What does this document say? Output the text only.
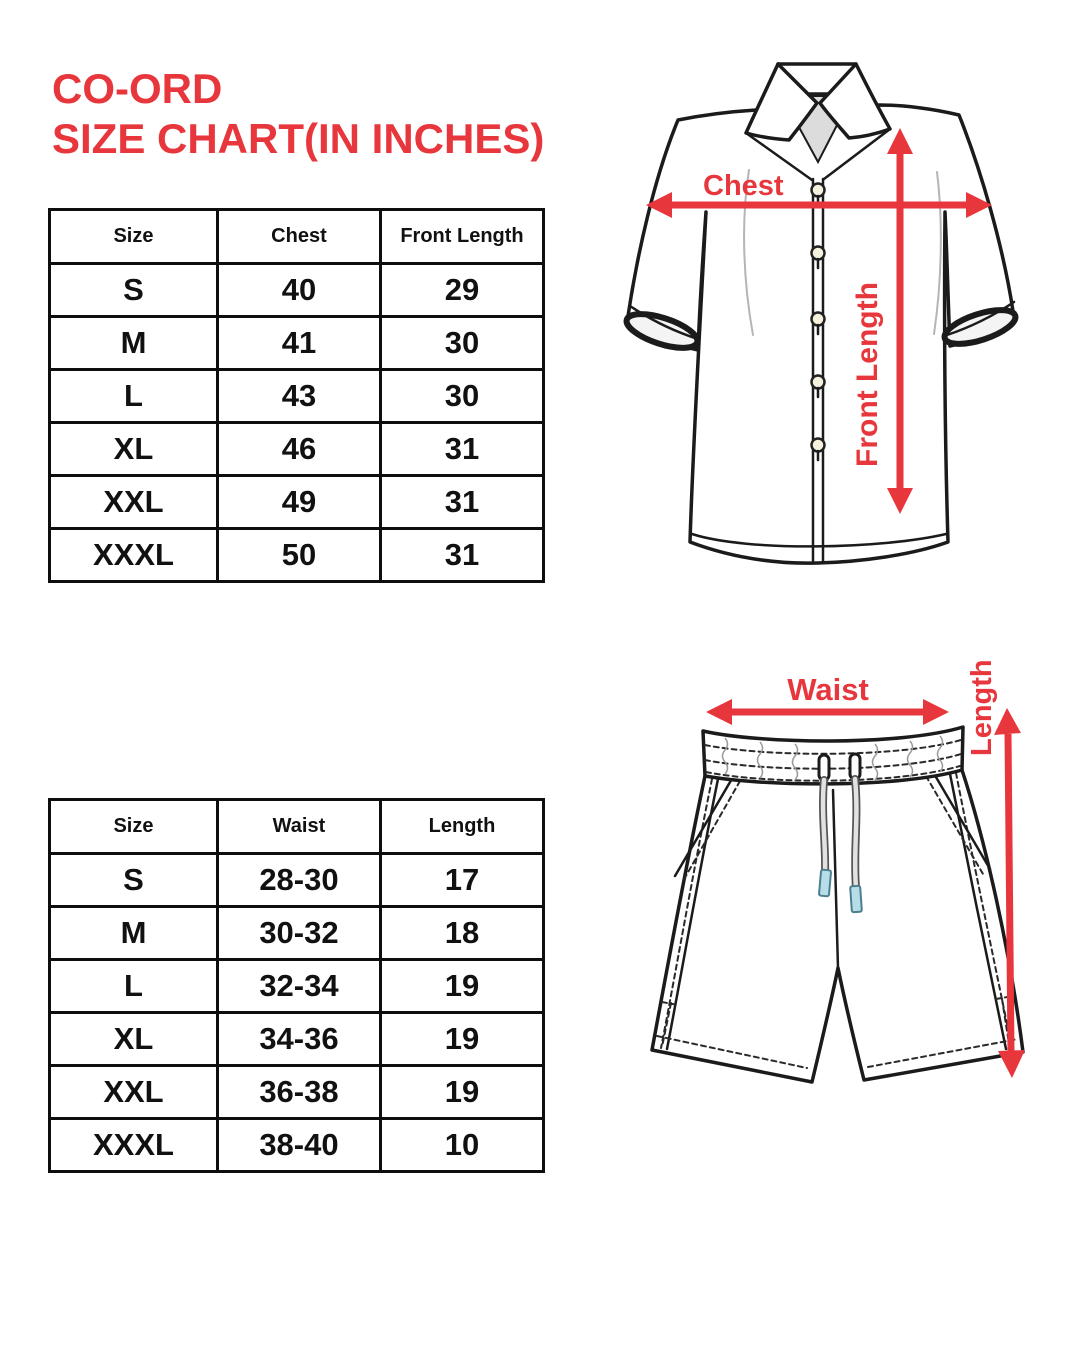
CO-ORD
SIZE CHART(IN INCHES)
Size	Chest	Front Length
S	40	29
M	41	30
L	43	30
XL	46	31
XXL	49	31
XXXL	50	31
Size	Waist	Length
S	28-30	17
M	30-32	18
L	32-34	19
XL	34-36	19
XXL	36-38	19
XXXL	38-40	10
Chest
Front Length
Waist	Length
